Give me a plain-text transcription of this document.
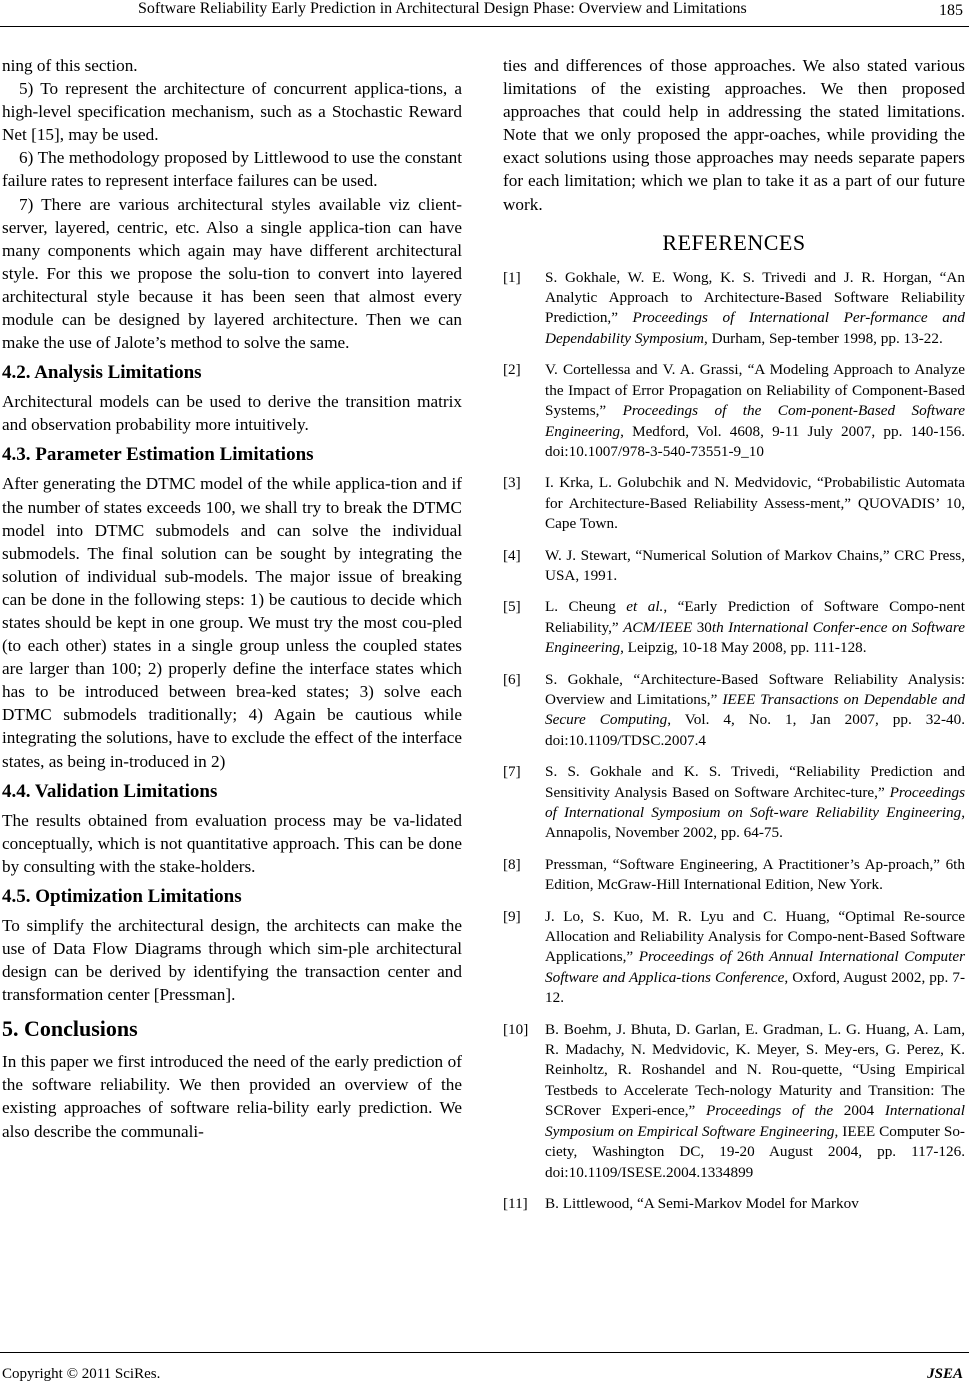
Software Reliability Early Prediction in Architectural Design Phase: Overview and Limitations	185

ning of this section.

5) To represent the architecture of concurrent applica-tions, a high-level specification mechanism, such as a Stochastic Reward Net [15], may be used.

6) The methodology proposed by Littlewood to use the constant failure rates to represent interface failures can be used.

7) There are various architectural styles available viz client-server, layered, centric, etc. Also a single applica-tion can have many components which again may have different architectural style. For this we propose the solu-tion to convert into layered architectural style because it has been seen that almost every module can be designed by layered architecture. Then we can make the use of Jalote’s method to solve the same.

4.2. Analysis Limitations

Architectural models can be used to derive the transition matrix and observation probability more intuitively.

4.3. Parameter Estimation Limitations

After generating the DTMC model of the while applica-tion and if the number of states exceeds 100, we shall try to break the DTMC model into DTMC submodels and can solve the individual submodels. The final solution can be sought by integrating the solution of individual sub-models. The major issue of breaking can be done in the following steps: 1) be cautious to decide which states should be kept in one group. We must try the most cou-pled (to each other) states in a single group unless the coupled states are larger than 100; 2) properly define the interface states which has to be introduced between brea-ked states; 3) solve each DTMC submodels traditionally; 4) Again be cautious while integrating the solutions, have to exclude the effect of the interface states, as being in-troduced in 2)

4.4. Validation Limitations

The results obtained from evaluation process may be va-lidated conceptually, which is not quantitative approach. This can be done by consulting with the stake-holders.

4.5. Optimization Limitations

To simplify the architectural design, the architects can make the use of Data Flow Diagrams through which sim-ple architectural design can be derived by identifying the transaction center and transformation center [Pressman].

5. Conclusions

In this paper we first introduced the need of the early prediction of the software reliability. We then provided an overview of the existing approaches of software relia-bility early prediction. We also describe the communali-

ties and differences of those approaches. We also stated various limitations of the existing approaches. We then proposed approaches that could help in addressing the stated limitations. Note that we only proposed the appr-oaches, while providing the exact solutions using those approaches may needs separate papers for each limitation; which we plan to take it as a part of our future work.

REFERENCES
[1]	S. Gokhale, W. E. Wong, K. S. Trivedi and J. R. Horgan, “An Analytic Approach to Architecture-Based Software Reliability Prediction,” Proceedings of International Per-formance and Dependability Symposium, Durham, Sep-tember 1998, pp. 13-22.
[2]	V. Cortellessa and V. A. Grassi, “A Modeling Approach to Analyze the Impact of Error Propagation on Reliability of Component-Based Systems,” Proceedings of the Com-ponent-Based Software Engineering, Medford, Vol. 4608, 9-11 July 2007, pp. 140-156. doi:10.1007/978-3-540-73551-9_10
[3]	I. Krka, L. Golubchik and N. Medvidovic, “Probabilistic Automata for Architecture-Based Reliability Assess-ment,” QUOVADIS’ 10, Cape Town.
[4]	W. J. Stewart, “Numerical Solution of Markov Chains,” CRC Press, USA, 1991.
[5]	L. Cheung et al., “Early Prediction of Software Compo-nent Reliability,” ACM/IEEE 30th International Confer-ence on Software Engineering, Leipzig, 10-18 May 2008, pp. 111-128.
[6]	S. Gokhale, “Architecture-Based Software Reliability Analysis: Overview and Limitations,” IEEE Transactions on Dependable and Secure Computing, Vol. 4, No. 1, Jan 2007, pp. 32-40. doi:10.1109/TDSC.2007.4
[7]	S. S. Gokhale and K. S. Trivedi, “Reliability Prediction and Sensitivity Analysis Based on Software Architec-ture,” Proceedings of International Symposium on Soft-ware Reliability Engineering, Annapolis, November 2002, pp. 64-75.
[8]	Pressman, “Software Engineering, A Practitioner’s Ap-proach,” 6th Edition, McGraw-Hill International Edition, New York.
[9]	J. Lo, S. Kuo, M. R. Lyu and C. Huang, “Optimal Re-source Allocation and Reliability Analysis for Compo-nent-Based Software Applications,” Proceedings of 26th Annual International Computer Software and Applica-tions Conference, Oxford, August 2002, pp. 7-12.
[10]	B. Boehm, J. Bhuta, D. Garlan, E. Gradman, L. G. Huang, A. Lam, R. Madachy, N. Medvidovic, K. Meyer, S. Mey-ers, G. Perez, K. Reinholtz, R. Roshandel and N. Rou-quette, “Using Empirical Testbeds to Accelerate Tech-nology Maturity and Transition: The SCRover Experi-ence,” Proceedings of the 2004 International Symposium on Empirical Software Engineering, IEEE Computer So-ciety, Washington DC, 19-20 August 2004, pp. 117-126. doi:10.1109/ISESE.2004.1334899
[11]	B. Littlewood, “A Semi-Markov Model for Markov
Copyright © 2011 SciRes.	JSEA
